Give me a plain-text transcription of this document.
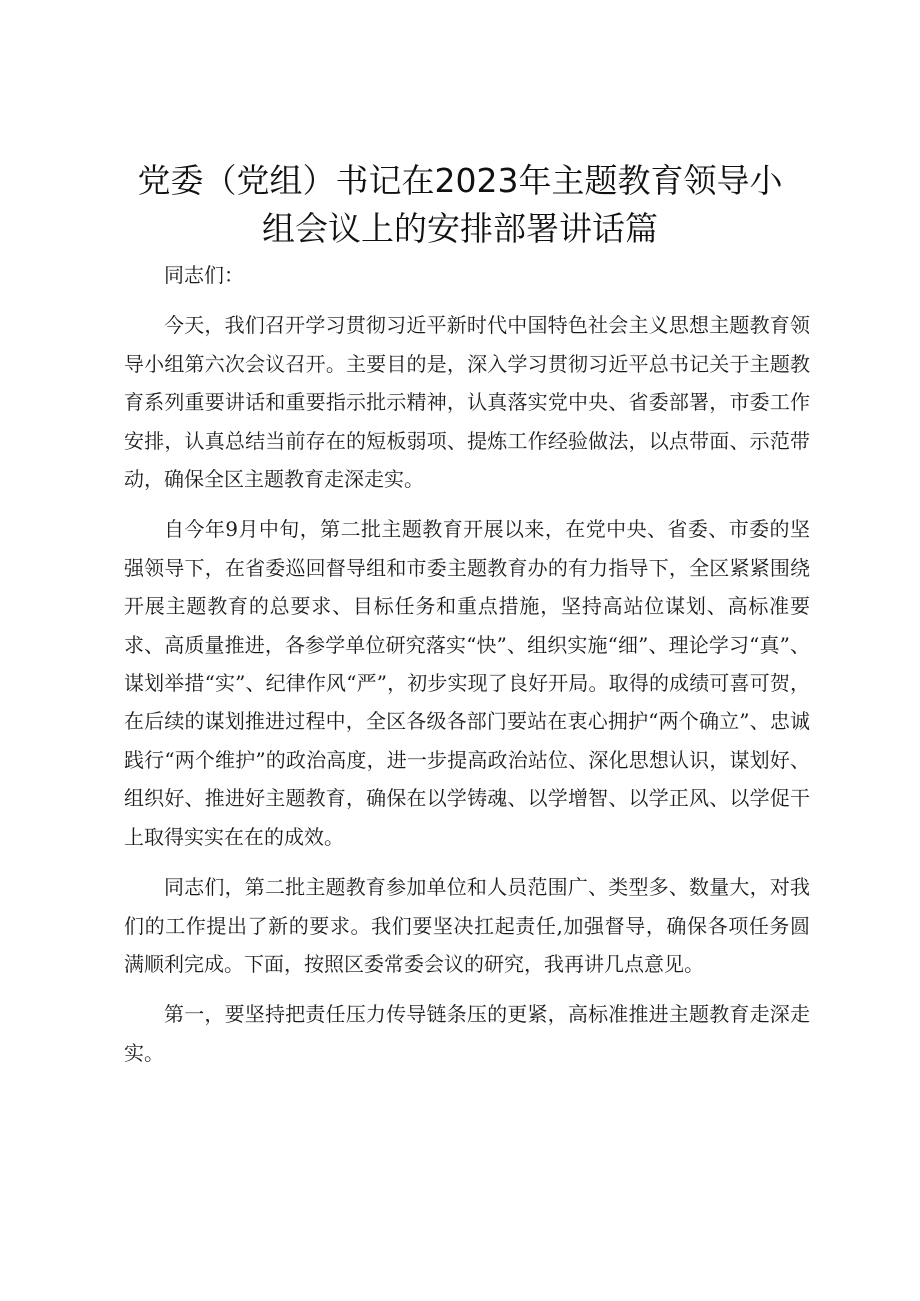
党委（党组）书记在2023年主题教育领导小
组会议上的安排部署讲话篇

同志们：

今天，我们召开学习贯彻习近平新时代中国特色社会主义思想主题教育领导小组第六次会议召开。主要目的是，深入学习贯彻习近平总书记关于主题教育系列重要讲话和重要指示批示精神，认真落实党中央、省委部署，市委工作安排，认真总结当前存在的短板弱项、提炼工作经验做法，以点带面、示范带动，确保全区主题教育走深走实。

自今年9月中旬，第二批主题教育开展以来，在党中央、省委、市委的坚强领导下，在省委巡回督导组和市委主题教育办的有力指导下，全区紧紧围绕开展主题教育的总要求、目标任务和重点措施，坚持高站位谋划、高标准要求、高质量推进，各参学单位研究落实“快”、组织实施“细”、理论学习“真”、谋划举措“实”、纪律作风“严”，初步实现了良好开局。取得的成绩可喜可贺，在后续的谋划推进过程中，全区各级各部门要站在衷心拥护“两个确立”、忠诚践行“两个维护”的政治高度，进一步提高政治站位、深化思想认识，谋划好、组织好、推进好主题教育，确保在以学铸魂、以学增智、以学正风、以学促干上取得实实在在的成效。

同志们，第二批主题教育参加单位和人员范围广、类型多、数量大，对我们的工作提出了新的要求。我们要坚决扛起责任,加强督导，确保各项任务圆满顺利完成。下面，按照区委常委会议的研究，我再讲几点意见。

第一，要坚持把责任压力传导链条压的更紧，高标准推进主题教育走深走实。
